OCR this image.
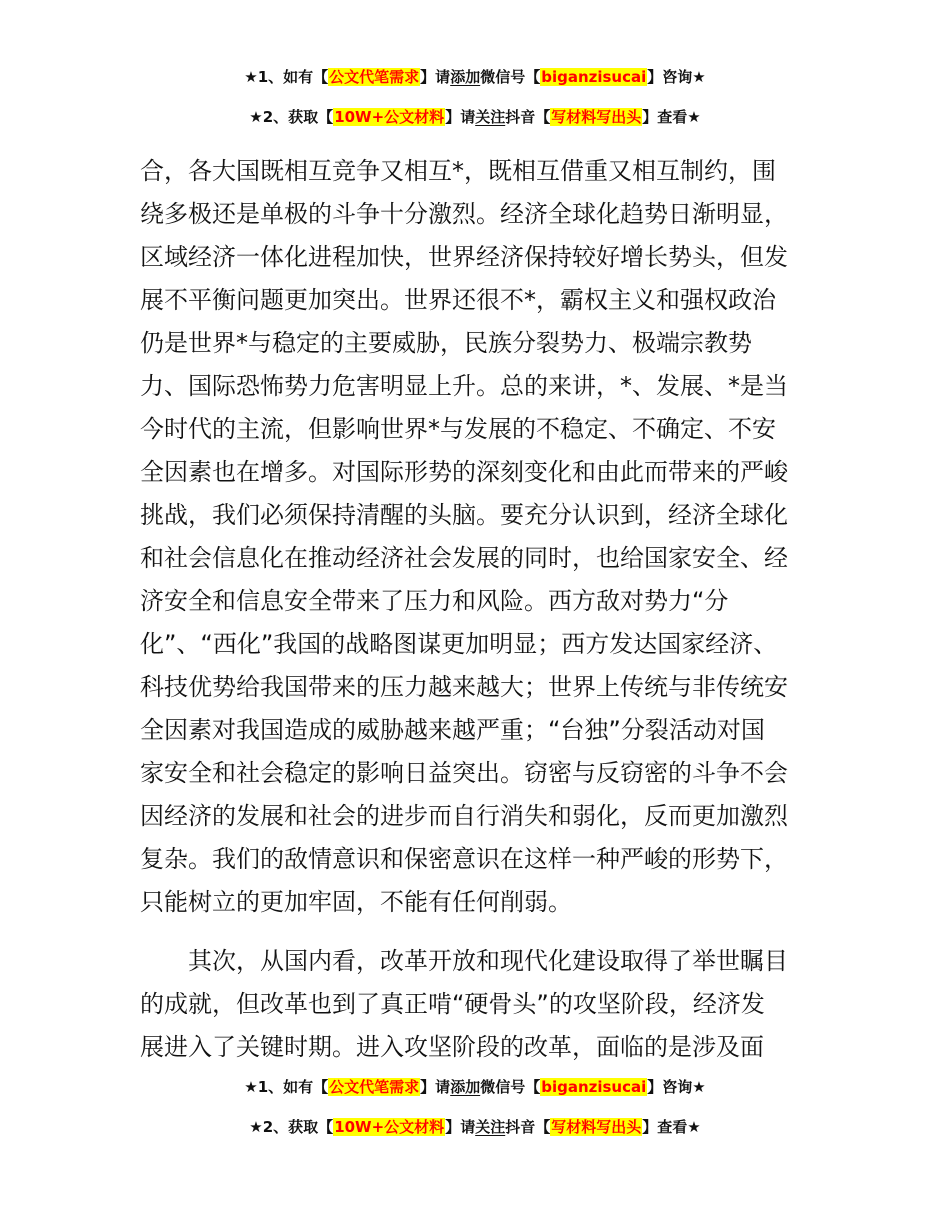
★1、如有【公文代笔需求】请添加微信号【biganzisucai】咨询★
★2、获取【10W+公文材料】请关注抖音【写材料写出头】查看★
合，各大国既相互竞争又相互*，既相互借重又相互制约，围
绕多极还是单极的斗争十分激烈。经济全球化趋势日渐明显，
区域经济一体化进程加快，世界经济保持较好增长势头，但发
展不平衡问题更加突出。世界还很不*，霸权主义和强权政治
仍是世界*与稳定的主要威胁，民族分裂势力、极端宗教势
力、国际恐怖势力危害明显上升。总的来讲，*、发展、*是当
今时代的主流，但影响世界*与发展的不稳定、不确定、不安
全因素也在增多。对国际形势的深刻变化和由此而带来的严峻
挑战，我们必须保持清醒的头脑。要充分认识到，经济全球化
和社会信息化在推动经济社会发展的同时，也给国家安全、经
济安全和信息安全带来了压力和风险。西方敌对势力“分
化”、“西化”我国的战略图谋更加明显；西方发达国家经济、
科技优势给我国带来的压力越来越大；世界上传统与非传统安
全因素对我国造成的威胁越来越严重；“台独”分裂活动对国
家安全和社会稳定的影响日益突出。窃密与反窃密的斗争不会
因经济的发展和社会的进步而自行消失和弱化，反而更加激烈
复杂。我们的敌情意识和保密意识在这样一种严峻的形势下，
只能树立的更加牢固，不能有任何削弱。
　　其次，从国内看，改革开放和现代化建设取得了举世瞩目
的成就，但改革也到了真正啃“硬骨头”的攻坚阶段，经济发
展进入了关键时期。进入攻坚阶段的改革，面临的是涉及面
★1、如有【公文代笔需求】请添加微信号【biganzisucai】咨询★
★2、获取【10W+公文材料】请关注抖音【写材料写出头】查看★
